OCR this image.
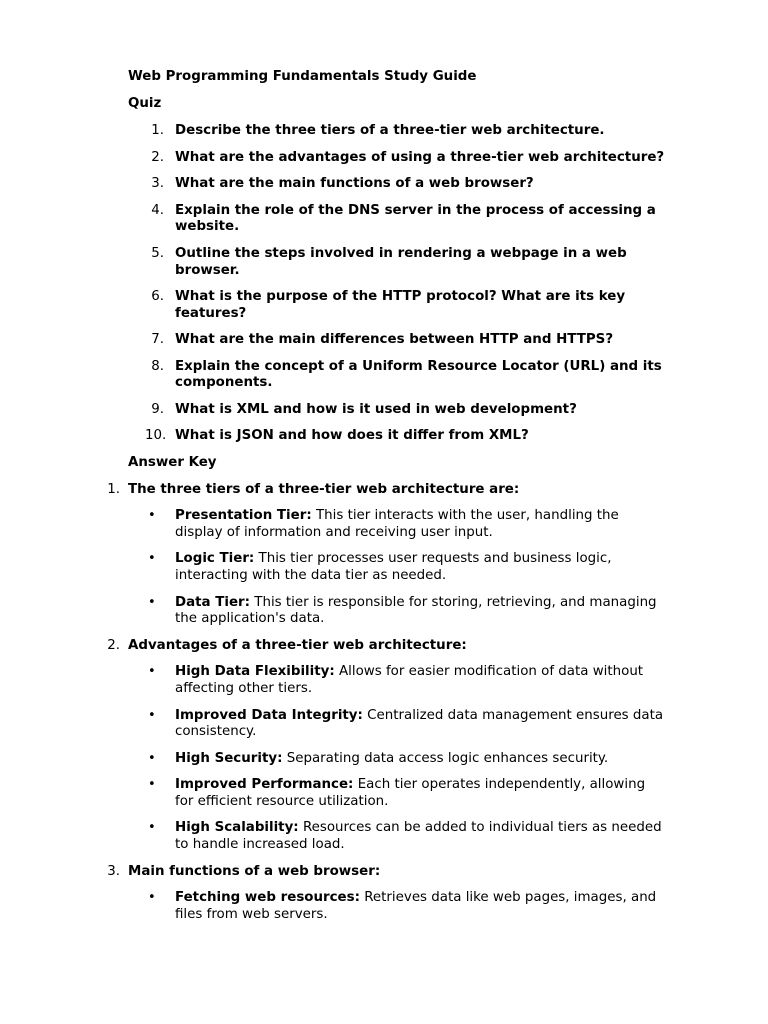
Web Programming Fundamentals Study Guide
Quiz
1. Describe the three tiers of a three-tier web architecture.
2. What are the advantages of using a three-tier web architecture?
3. What are the main functions of a web browser?
4. Explain the role of the DNS server in the process of accessing a
website.
5. Outline the steps involved in rendering a webpage in a web
browser.
6. What is the purpose of the HTTP protocol? What are its key
features?
7. What are the main differences between HTTP and HTTPS?
8. Explain the concept of a Uniform Resource Locator (URL) and its
components.
9. What is XML and how is it used in web development?
10. What is JSON and how does it differ from XML?
Answer Key
1. The three tiers of a three-tier web architecture are:
• Presentation Tier: This tier interacts with the user, handling the
display of information and receiving user input.
• Logic Tier: This tier processes user requests and business logic,
interacting with the data tier as needed.
• Data Tier: This tier is responsible for storing, retrieving, and managing
the application's data.
2. Advantages of a three-tier web architecture:
• High Data Flexibility: Allows for easier modification of data without
affecting other tiers.
• Improved Data Integrity: Centralized data management ensures data
consistency.
• High Security: Separating data access logic enhances security.
• Improved Performance: Each tier operates independently, allowing
for efficient resource utilization.
• High Scalability: Resources can be added to individual tiers as needed
to handle increased load.
3. Main functions of a web browser:
• Fetching web resources: Retrieves data like web pages, images, and
files from web servers.
